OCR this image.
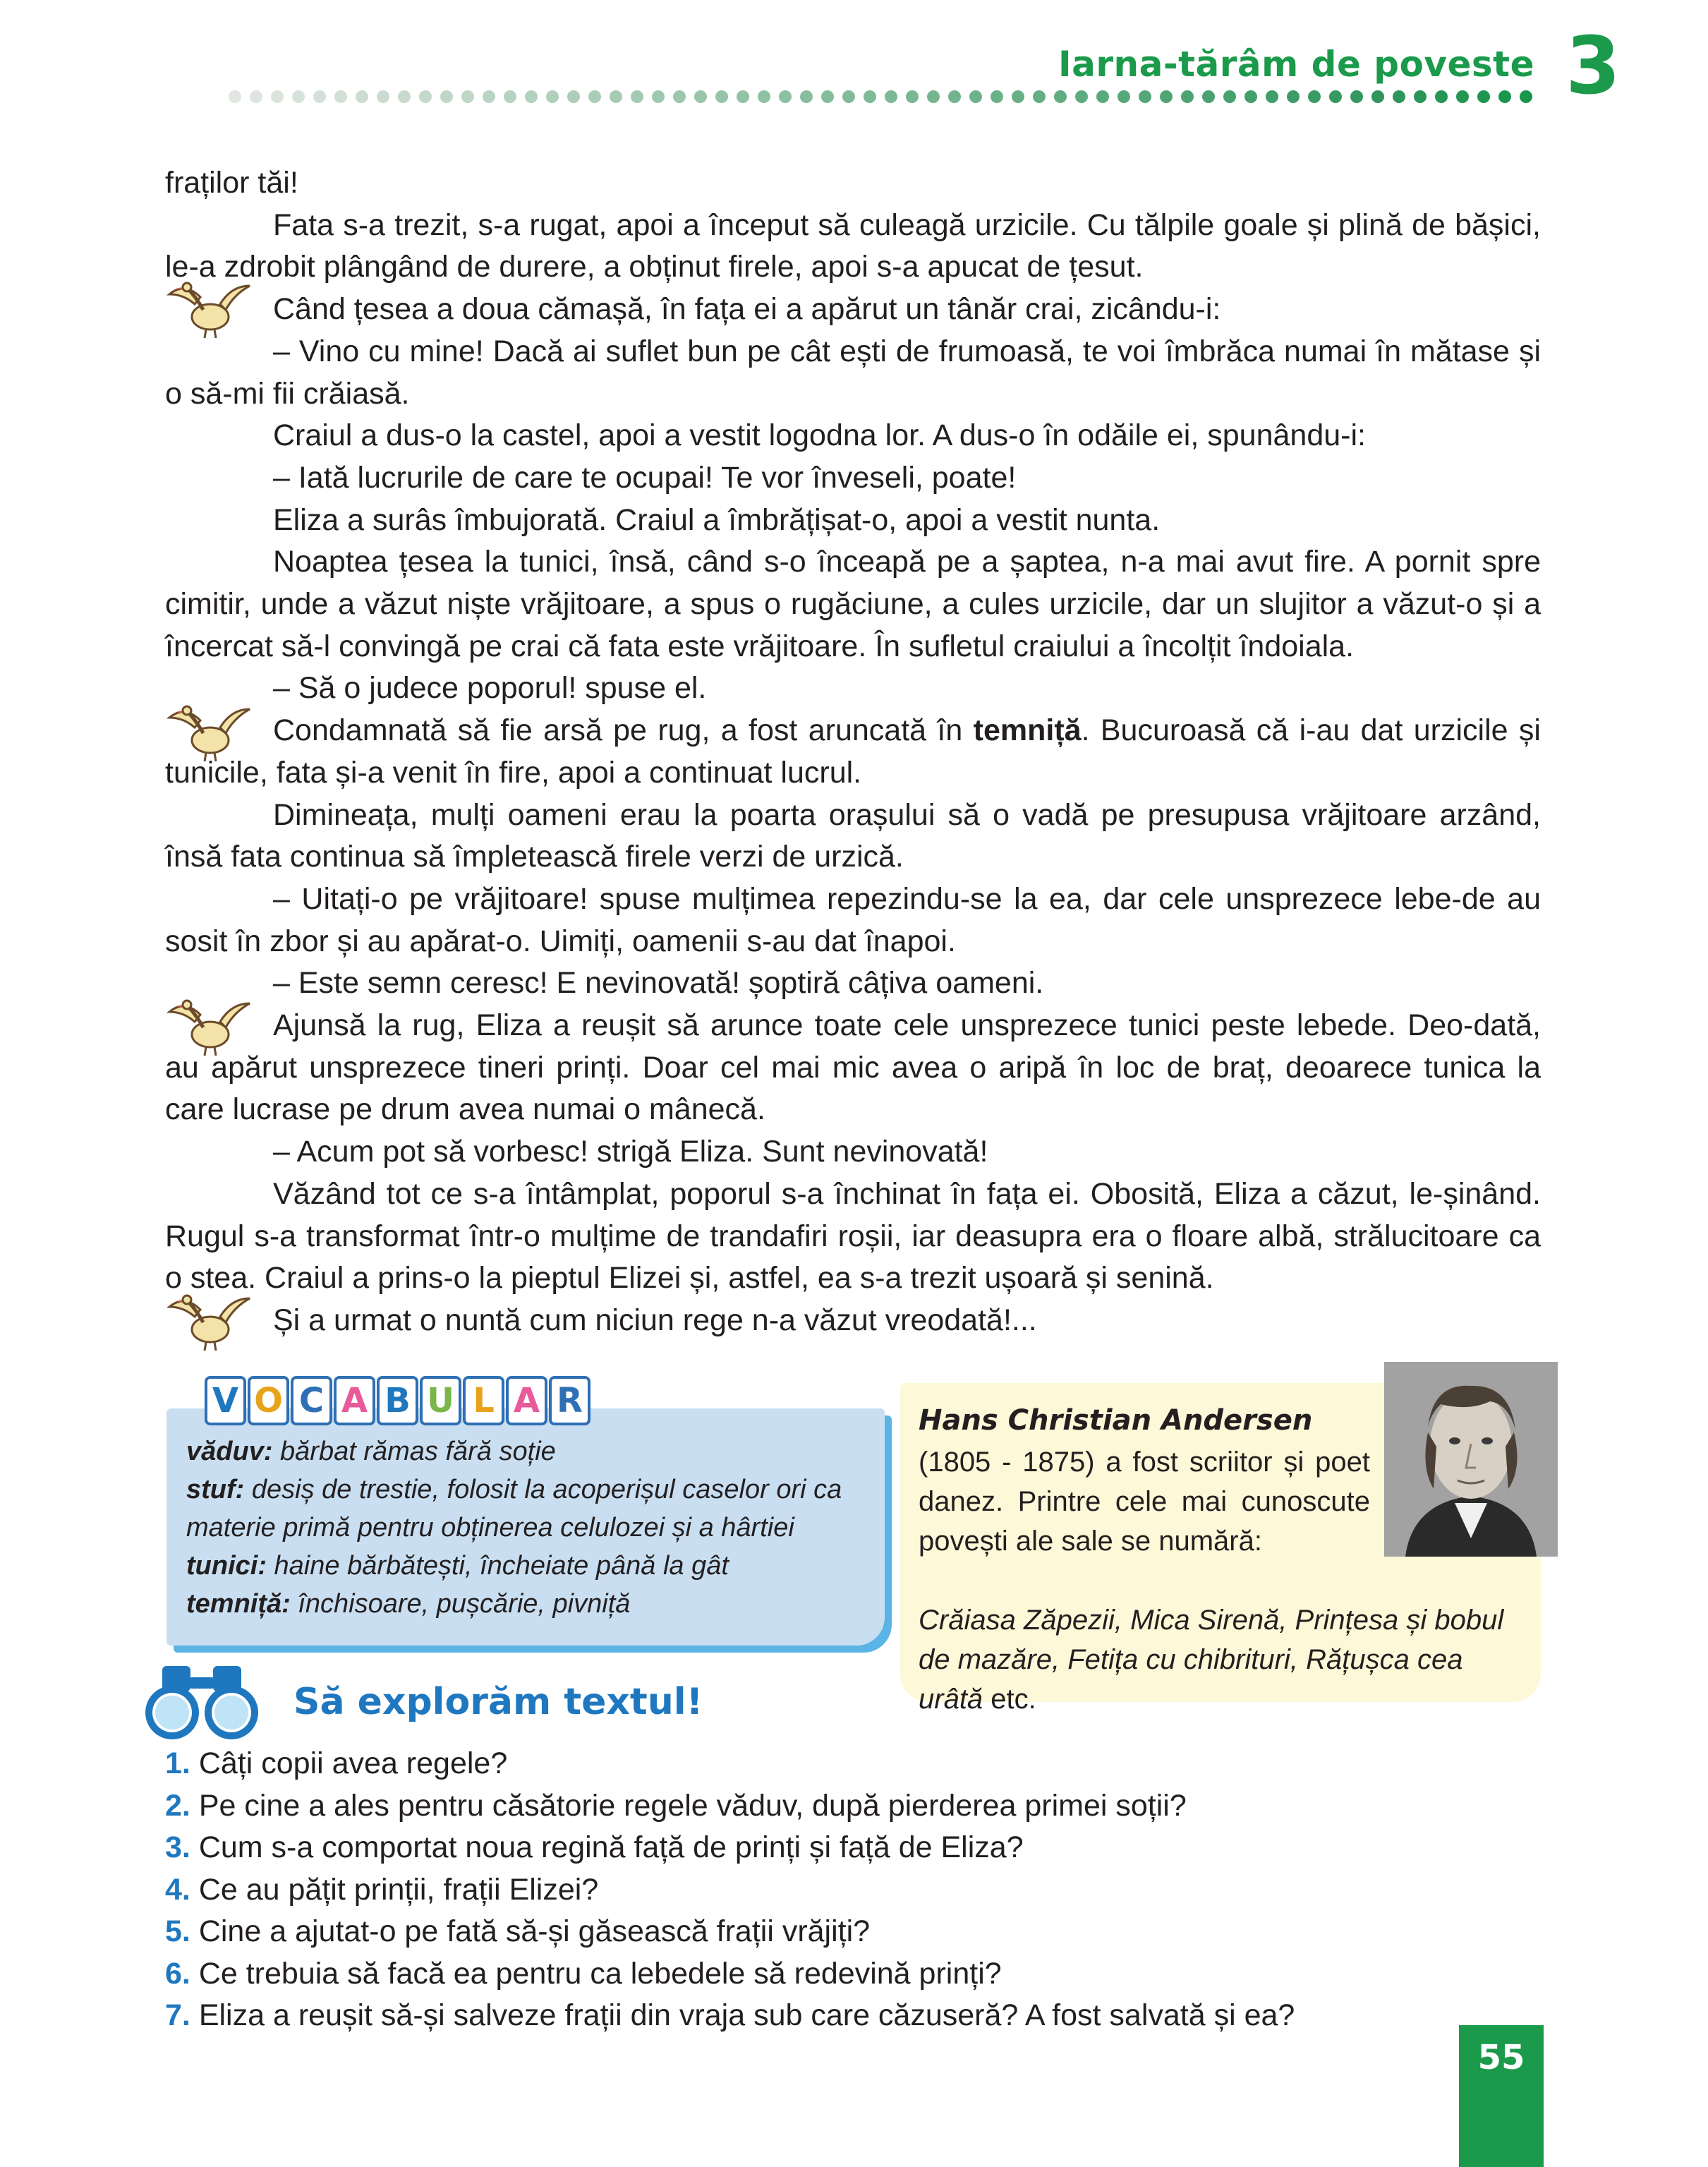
Iarna-tărâm de poveste 3

fraților tăi!

Fata s-a trezit, s-a rugat, apoi a început să culeagă urzicile. Cu tălpile goale și plină de bășici, le-a zdrobit plângând de durere, a obținut firele, apoi s-a apucat de țesut.

Când țesea a doua cămașă, în fața ei a apărut un tânăr crai, zicându-i:

– Vino cu mine! Dacă ai suflet bun pe cât ești de frumoasă, te voi îmbrăca numai în mătase și o să-mi fii crăiasă.

Craiul a dus-o la castel, apoi a vestit logodna lor. A dus-o în odăile ei, spunându-i:

– Iată lucrurile de care te ocupai! Te vor înveseli, poate!

Eliza a surâs îmbujorată. Craiul a îmbrățișat-o, apoi a vestit nunta.

Noaptea țesea la tunici, însă, când s-o înceapă pe a șaptea, n-a mai avut fire. A pornit spre cimitir, unde a văzut niște vrăjitoare, a spus o rugăciune, a cules urzicile, dar un slujitor a văzut-o și a încercat să-l convingă pe crai că fata este vrăjitoare. În sufletul craiului a încolțit îndoiala.

– Să o judece poporul! spuse el.

Condamnată să fie arsă pe rug, a fost aruncată în temniță. Bucuroasă că i-au dat urzicile și tunicile, fata și-a venit în fire, apoi a continuat lucrul.

Dimineața, mulți oameni erau la poarta orașului să o vadă pe presupusa vrăjitoare arzând, însă fata continua să împletească firele verzi de urzică.

– Uitați-o pe vrăjitoare! spuse mulțimea repezindu-se la ea, dar cele unsprezece lebe-de au sosit în zbor și au apărat-o. Uimiți, oamenii s-au dat înapoi.

– Este semn ceresc! E nevinovată! șoptiră câțiva oameni.

Ajunsă la rug, Eliza a reușit să arunce toate cele unsprezece tunici peste lebede. Deo-dată, au apărut unsprezece tineri prinți. Doar cel mai mic avea o aripă în loc de braț, deoarece tunica la care lucrase pe drum avea numai o mânecă.

– Acum pot să vorbesc! strigă Eliza. Sunt nevinovată!

Văzând tot ce s-a întâmplat, poporul s-a închinat în fața ei. Obosită, Eliza a căzut, le-șinând. Rugul s-a transformat într-o mulțime de trandafiri roșii, iar deasupra era o floare albă, strălucitoare ca o stea. Craiul a prins-o la pieptul Elizei și, astfel, ea s-a trezit ușoară și senină.

Și a urmat o nuntă cum niciun rege n-a văzut vreodată!...

V O C A B U L A R
văduv: bărbat rămas fără soție
stuf: desiș de trestie, folosit la acoperișul caselor ori ca materie primă pentru obținerea celulozei și a hârtiei
tunici: haine bărbătești, încheiate până la gât
temniță: închisoare, pușcărie, pivniță
Hans Christian Andersen
(1805 - 1875) a fost scriitor și poet danez. Printre cele mai cunoscute povești ale sale se numără:
Crăiasa Zăpezii, Mica Sirenă, Prințesa și bobul de mazăre, Fetița cu chibrituri, Rățușca cea urâtă etc.
Să explorăm textul!
1. Câți copii avea regele?
2. Pe cine a ales pentru căsătorie regele văduv, după pierderea primei soții?
3. Cum s-a comportat noua regină față de prinți și față de Eliza?
4. Ce au pățit prinții, frații Elizei?
5. Cine a ajutat-o pe fată să-și găsească frații vrăjiți?
6. Ce trebuia să facă ea pentru ca lebedele să redevină prinți?
7. Eliza a reușit să-și salveze frații din vraja sub care căzuseră? A fost salvată și ea?
55
